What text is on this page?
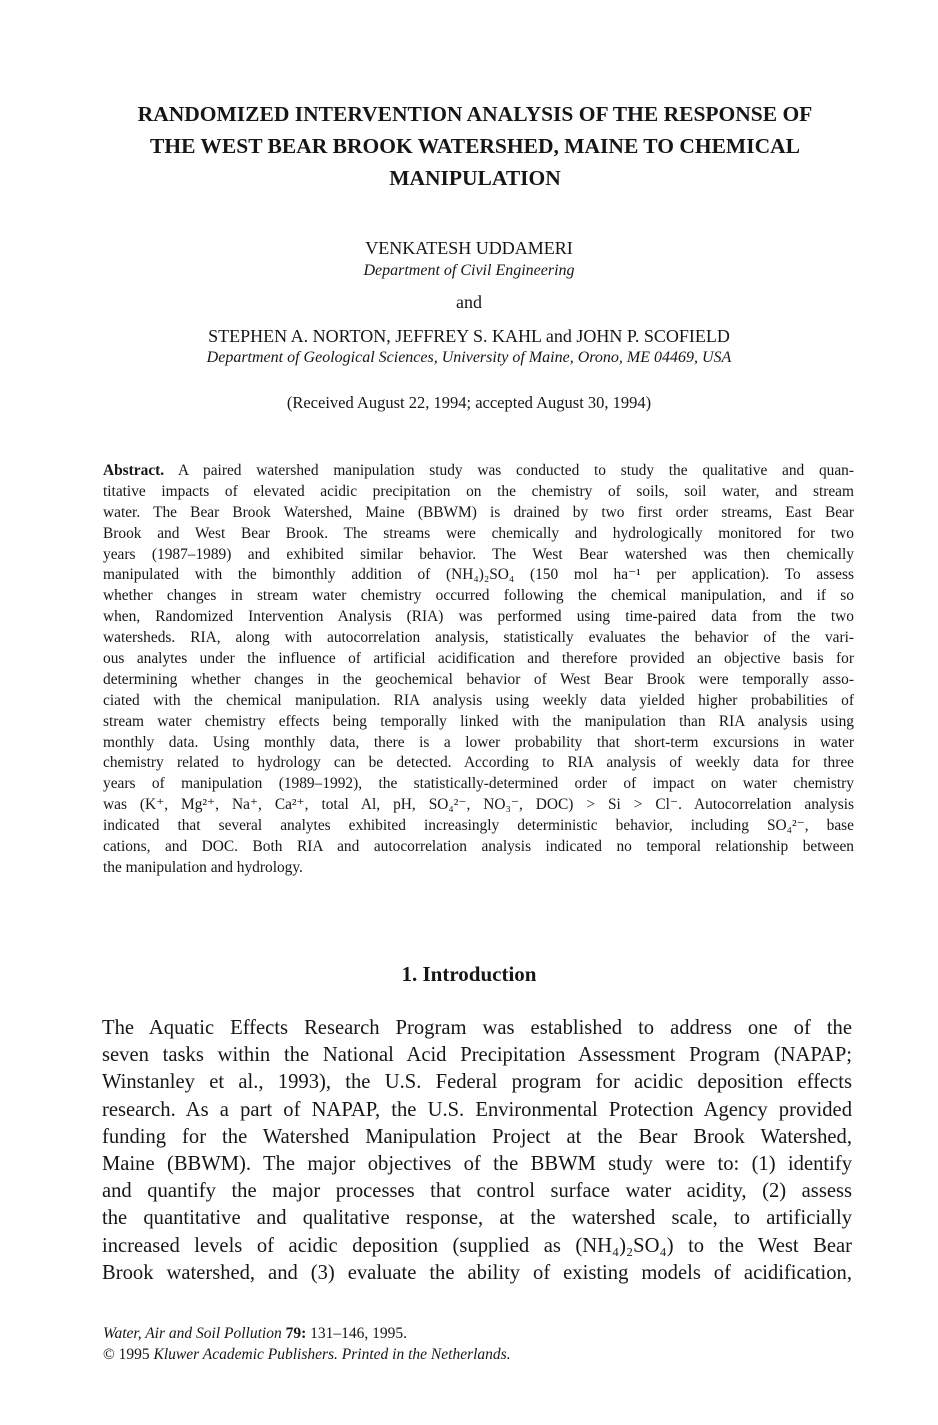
RANDOMIZED INTERVENTION ANALYSIS OF THE RESPONSE OF
THE WEST BEAR BROOK WATERSHED, MAINE TO CHEMICAL
MANIPULATION
VENKATESH UDDAMERI
Department of Civil Engineering
and
STEPHEN A. NORTON, JEFFREY S. KAHL and JOHN P. SCOFIELD
Department of Geological Sciences, University of Maine, Orono, ME 04469, USA
(Received August 22, 1994; accepted August 30, 1994)
Abstract. A paired watershed manipulation study was conducted to study the qualitative and quan-
titative impacts of elevated acidic precipitation on the chemistry of soils, soil water, and stream
water. The Bear Brook Watershed, Maine (BBWM) is drained by two first order streams, East Bear
Brook and West Bear Brook. The streams were chemically and hydrologically monitored for two
years (1987–1989) and exhibited similar behavior. The West Bear watershed was then chemically
manipulated with the bimonthly addition of (NH₄)₂SO₄ (150 mol ha⁻¹ per application). To assess
whether changes in stream water chemistry occurred following the chemical manipulation, and if so
when, Randomized Intervention Analysis (RIA) was performed using time-paired data from the two
watersheds. RIA, along with autocorrelation analysis, statistically evaluates the behavior of the vari-
ous analytes under the influence of artificial acidification and therefore provided an objective basis for
determining whether changes in the geochemical behavior of West Bear Brook were temporally asso-
ciated with the chemical manipulation. RIA analysis using weekly data yielded higher probabilities of
stream water chemistry effects being temporally linked with the manipulation than RIA analysis using
monthly data. Using monthly data, there is a lower probability that short-term excursions in water
chemistry related to hydrology can be detected. According to RIA analysis of weekly data for three
years of manipulation (1989–1992), the statistically-determined order of impact on water chemistry
was (K⁺, Mg²⁺, Na⁺, Ca²⁺, total Al, pH, SO₄²⁻, NO₃⁻, DOC) > Si > Cl⁻. Autocorrelation analysis
indicated that several analytes exhibited increasingly deterministic behavior, including SO₄²⁻, base
cations, and DOC. Both RIA and autocorrelation analysis indicated no temporal relationship between
the manipulation and hydrology.
1. Introduction
The Aquatic Effects Research Program was established to address one of the
seven tasks within the National Acid Precipitation Assessment Program (NAPAP;
Winstanley et al., 1993), the U.S. Federal program for acidic deposition effects
research. As a part of NAPAP, the U.S. Environmental Protection Agency provided
funding for the Watershed Manipulation Project at the Bear Brook Watershed,
Maine (BBWM). The major objectives of the BBWM study were to: (1) identify
and quantify the major processes that control surface water acidity, (2) assess
the quantitative and qualitative response, at the watershed scale, to artificially
increased levels of acidic deposition (supplied as (NH₄)₂SO₄) to the West Bear
Brook watershed, and (3) evaluate the ability of existing models of acidification,
Water, Air and Soil Pollution 79: 131–146, 1995.
© 1995 Kluwer Academic Publishers. Printed in the Netherlands.
